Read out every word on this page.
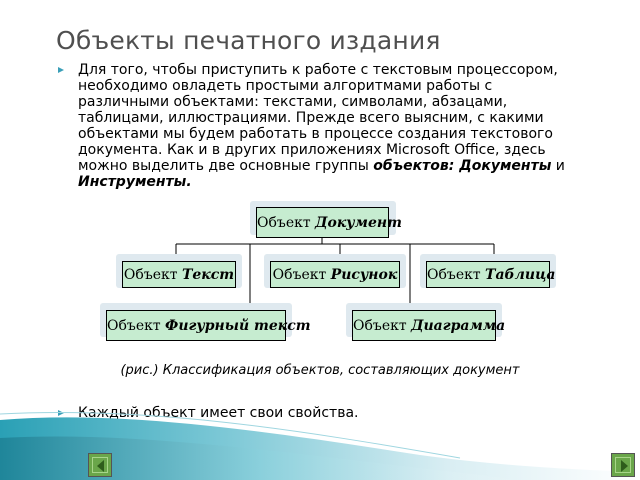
Объекты печатного издания
Для того, чтобы приступить к работе с текстовым процессором, необходимо овладеть простыми алгоритмами работы с различными объектами: текстами, символами, абзацами, таблицами, иллюстрациями. Прежде всего выясним, с какими объектами мы будем работать в процессе создания текстового документа. Как и в других приложениях Microsoft Office, здесь можно выделить две основные группы объектов: Документы и Инструменты.
Объект Документ
Объект Текст	Объект Рисунок Объект Таблица
Объект Фигурный текст	Объект Диаграмма
(рис.) Классификация объектов, составляющих документ
Каждый объект имеет свои свойства.
